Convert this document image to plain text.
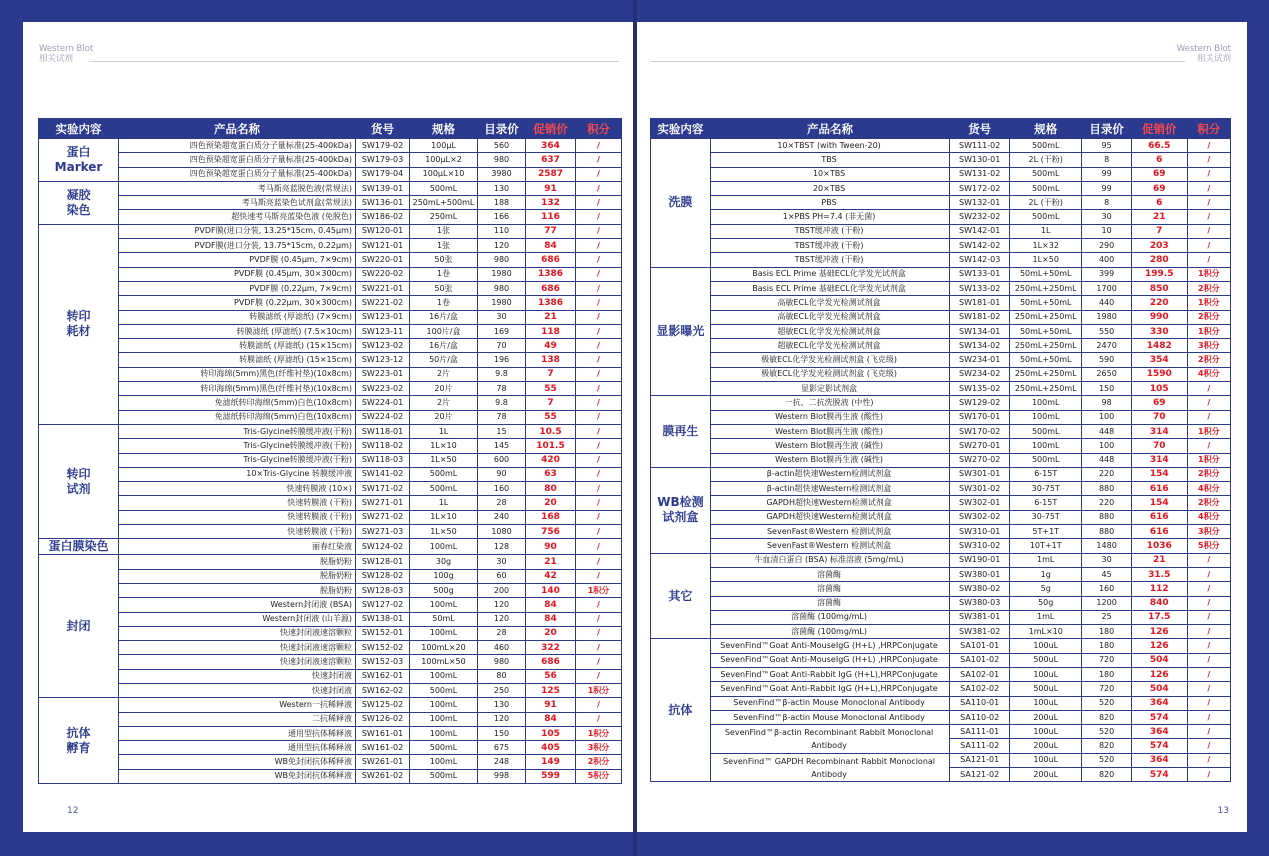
Western Blot
相关试剂
实验内容	产品名称	货号	规格	目录价	促销价	积分
蛋白
Marker	四色预染超宽蛋白质分子量标准(25-400kDa)	SW179-02	100μL	560	364	/
	四色预染超宽蛋白质分子量标准(25-400kDa)	SW179-03	100μL×2	980	637	/
	四色预染超宽蛋白质分子量标准(25-400kDa)	SW179-04	100μL×10	3980	2587	/
凝胶
染色	考马斯亮蓝脱色液(常规法)	SW139-01	500mL	130	91	/
	考马斯亮蓝染色试剂盒(常规法)	SW136-01	250mL+500mL	188	132	/
	超快速考马斯亮蓝染色液 (免脱色)	SW186-02	250mL	166	116	/
转印
耗材	PVDF膜(进口分装, 13.25*15cm, 0.45μm)	SW120-01	1张	110	77	/
	PVDF膜(进口分装, 13.75*15cm, 0.22μm)	SW121-01	1张	120	84	/
	PVDF膜 (0.45μm, 7×9cm)	SW220-01	50张	980	686	/
	PVDF膜 (0.45μm, 30×300cm)	SW220-02	1卷	1980	1386	/
	PVDF膜 (0.22μm, 7×9cm)	SW221-01	50张	980	686	/
	PVDF膜 (0.22μm, 30×300cm)	SW221-02	1卷	1980	1386	/
	转膜滤纸 (厚滤纸) (7×9cm)	SW123-01	16片/盒	30	21	/
	转膜滤纸 (厚滤纸) (7.5×10cm)	SW123-11	100片/盒	169	118	/
	转膜滤纸 (厚滤纸) (15×15cm)	SW123-02	16片/盒	70	49	/
	转膜滤纸 (厚滤纸) (15×15cm)	SW123-12	50片/盒	196	138	/
	转印海绵(5mm)黑色(纤维衬垫)(10x8cm)	SW223-01	2片	9.8	7	/
	转印海绵(5mm)黑色(纤维衬垫)(10x8cm)	SW223-02	20片	78	55	/
	免滤纸转印海绵(5mm)白色(10x8cm)	SW224-01	2片	9.8	7	/
	免滤纸转印海绵(5mm)白色(10x8cm)	SW224-02	20片	78	55	/
转印
试剂	Tris-Glycine转膜缓冲液(干粉)	SW118-01	1L	15	10.5	/
	Tris-Glycine转膜缓冲液(干粉)	SW118-02	1L×10	145	101.5	/
	Tris-Glycine转膜缓冲液(干粉)	SW118-03	1L×50	600	420	/
	10×Tris-Glycine 转膜缓冲液	SW141-02	500mL	90	63	/
	快速转膜液 (10×)	SW171-02	500mL	160	80	/
	快速转膜液 (干粉)	SW271-01	1L	28	20	/
	快速转膜液 (干粉)	SW271-02	1L×10	240	168	/
	快速转膜液 (干粉)	SW271-03	1L×50	1080	756	/
蛋白膜染色	丽春红染液	SW124-02	100mL	128	90	/
封闭	脱脂奶粉	SW128-01	30g	30	21	/
	脱脂奶粉	SW128-02	100g	60	42	/
	脱脂奶粉	SW128-03	500g	200	140	1积分
	Western封闭液 (BSA)	SW127-02	100mL	120	84	/
	Western封闭液 (山羊源)	SW138-01	50mL	120	84	/
	快速封闭液速溶颗粒	SW152-01	100mL	28	20	/
	快速封闭液速溶颗粒	SW152-02	100mL×20	460	322	/
	快速封闭液速溶颗粒	SW152-03	100mL×50	980	686	/
	快速封闭液	SW162-01	100mL	80	56	/
	快速封闭液	SW162-02	500mL	250	125	1积分
抗体
孵育	Western一抗稀释液	SW125-02	100mL	130	91	/
	二抗稀释液	SW126-02	100mL	120	84	/
	通用型抗体稀释液	SW161-01	100mL	150	105	1积分
	通用型抗体稀释液	SW161-02	500mL	675	405	3积分
	WB免封闭抗体稀释液	SW261-01	100mL	248	149	2积分
	WB免封闭抗体稀释液	SW261-02	500mL	998	599	5积分
12
Western Blot
相关试剂
实验内容	产品名称	货号	规格	目录价	促销价	积分
洗膜	10×TBST (with Tween-20)	SW111-02	500mL	95	66.5	/
	TBS	SW130-01	2L (干粉)	8	6	/
	10×TBS	SW131-02	500mL	99	69	/
	20×TBS	SW172-02	500mL	99	69	/
	PBS	SW132-01	2L (干粉)	8	6	/
	1×PBS PH=7.4 (非无菌)	SW232-02	500mL	30	21	/
	TBST缓冲液 (干粉)	SW142-01	1L	10	7	/
	TBST缓冲液 (干粉)	SW142-02	1L×32	290	203	/
	TBST缓冲液 (干粉)	SW142-03	1L×50	400	280	/
显影曝光	Basis ECL Prime 基础ECL化学发光试剂盒	SW133-01	50mL+50mL	399	199.5	1积分
	Basis ECL Prime 基础ECL化学发光试剂盒	SW133-02	250mL+250mL	1700	850	2积分
	高敏ECL化学发光检测试剂盒	SW181-01	50mL+50mL	440	220	1积分
	高敏ECL化学发光检测试剂盒	SW181-02	250mL+250mL	1980	990	2积分
	超敏ECL化学发光检测试剂盒	SW134-01	50mL+50mL	550	330	1积分
	超敏ECL化学发光检测试剂盒	SW134-02	250mL+250mL	2470	1482	3积分
	极敏ECL化学发光检测试剂盒 (飞克级)	SW234-01	50mL+50mL	590	354	2积分
	极敏ECL化学发光检测试剂盒 (飞克级)	SW234-02	250mL+250mL	2650	1590	4积分
	显影定影试剂盒	SW135-02	250mL+250mL	150	105	/
膜再生	一抗、二抗洗脱液 (中性)	SW129-02	100mL	98	69	/
	Western Blot膜再生液 (酸性)	SW170-01	100mL	100	70	/
	Western Blot膜再生液 (酸性)	SW170-02	500mL	448	314	1积分
	Western Blot膜再生液 (碱性)	SW270-01	100mL	100	70	/
	Western Blot膜再生液 (碱性)	SW270-02	500mL	448	314	1积分
WB检测
试剂盒	β-actin超快速Western检测试剂盒	SW301-01	6-15T	220	154	2积分
	β-actin超快速Western检测试剂盒	SW301-02	30-75T	880	616	4积分
	GAPDH超快速Western检测试剂盒	SW302-01	6-15T	220	154	2积分
	GAPDH超快速Western检测试剂盒	SW302-02	30-75T	880	616	4积分
	SevenFast®Western 检测试剂盒	SW310-01	5T+1T	880	616	3积分
	SevenFast®Western 检测试剂盒	SW310-02	10T+1T	1480	1036	5积分
其它	牛血清白蛋白 (BSA) 标准溶液 (5mg/mL)	SW190-01	1mL	30	21	/
	溶菌酶	SW380-01	1g	45	31.5	/
	溶菌酶	SW380-02	5g	160	112	/
	溶菌酶	SW380-03	50g	1200	840	/
	溶菌酶 (100mg/mL)	SW381-01	1mL	25	17.5	/
	溶菌酶 (100mg/mL)	SW381-02	1mL×10	180	126	/
抗体	SevenFind™Goat Anti-MouseIgG (H+L) ,HRPConjugate	SA101-01	100uL	180	126	/
	SevenFind™Goat Anti-MouseIgG (H+L) ,HRPConjugate	SA101-02	500uL	720	504	/
	SevenFind™Goat Anti-Rabbit IgG (H+L),HRPConjugate	SA102-01	100uL	180	126	/
	SevenFind™Goat Anti-Rabbit IgG (H+L),HRPConjugate	SA102-02	500uL	720	504	/
	SevenFind™β-actin Mouse Monoclonal Antibody	SA110-01	100uL	520	364	/
	SevenFind™β-actin Mouse Monoclonal Antibody	SA110-02	200uL	820	574	/
	SevenFind™β-actin Recombinant Rabbit Monoclonal Antibody	SA111-01	100uL	520	364	/
		SA111-02	200uL	820	574	/
	SevenFind™ GAPDH Recombinant Rabbit Monoclonal Antibody	SA121-01	100uL	520	364	/
		SA121-02	200uL	820	574	/
13
